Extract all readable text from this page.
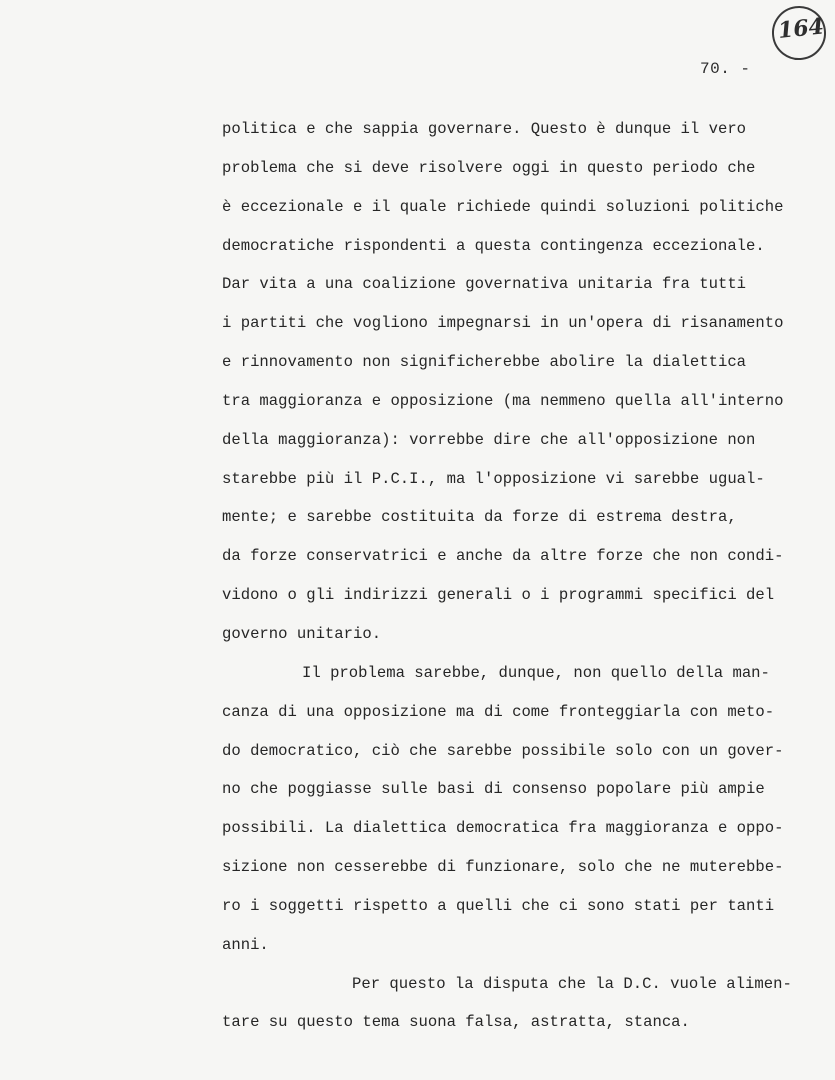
164
70. -
politica e che sappia governare. Questo è dunque il vero
problema che si deve risolvere oggi in questo periodo che
è eccezionale e il quale richiede quindi soluzioni politiche
democratiche rispondenti a questa contingenza eccezionale.
Dar vita a una coalizione governativa unitaria fra tutti
i partiti che vogliono impegnarsi in un'opera di risanamento
e rinnovamento non significherebbe abolire la dialettica
tra maggioranza e opposizione (ma nemmeno quella all'interno
della maggioranza): vorrebbe dire che all'opposizione non
starebbe più il P.C.I., ma l'opposizione vi sarebbe ugual-
mente; e sarebbe costituita da forze di estrema destra,
da forze conservatrici e anche da altre forze che non condi-
vidono o gli indirizzi generali o i programmi specifici del
governo unitario.
Il problema sarebbe, dunque, non quello della man-
canza di una opposizione ma di come fronteggiarla con meto-
do democratico, ciò che sarebbe possibile solo con un gover-
no che poggiasse sulle basi di consenso popolare più ampie
possibili. La dialettica democratica fra maggioranza e oppo-
sizione non cesserebbe di funzionare, solo che ne muterebbe-
ro i soggetti rispetto a quelli che ci sono stati per tanti
anni.
Per questo la disputa che la D.C. vuole alimen-
tare su questo tema suona falsa, astratta, stanca.
